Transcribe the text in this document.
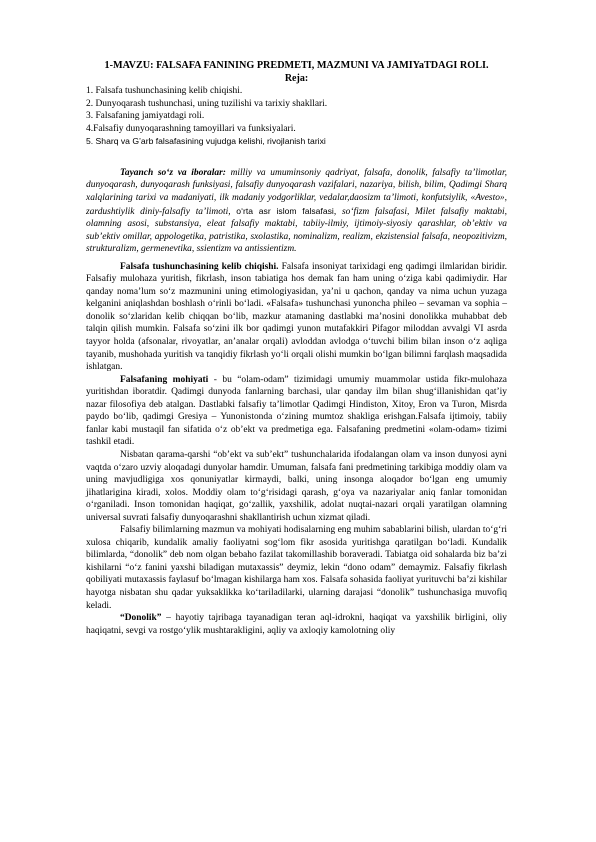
1-MAVZU: FALSAFA FANINING PREDMETI, MAZMUNI VA JAMIYaTDAGI ROLI.
Reja:
1. Falsafa tushunchasining kelib chiqishi.
2. Dunyoqarash tushunchasi, uning tuzilishi va tarixiy shakllari.
3. Falsafaning jamiyatdagi roli.
4.Falsafiy dunyoqarashning tamoyillari va funksiyalari.
5. Sharq va G’arb falsafasining vujudga kelishi, rivojlanish tarixi

Tayanch so‘z va iboralar: milliy va umuminsoniy qadriyat, falsafa, donolik, falsafiy ta’limotlar, dunyoqarash, dunyoqarash funksiyasi, falsafiy dunyoqarash vazifalari, nazariya, bilish, bilim, Qadimgi Sharq xalqlarining tarixi va madaniyati, ilk madaniy yodgorliklar, vedalar,daosizm ta’limoti, konfutsiylik, «Avesto», zardushtiylik diniy-falsafiy ta’limoti, o‘rta asr islom falsafasi, so‘fizm falsafasi, Milet falsafiy maktabi, olamning asosi, substansiya, eleat falsafiy maktabi, tabiiy-ilmiy, ijtimoiy-siyosiy qarashlar, ob’ektiv va sub’ektiv omillar, appologetika, patristika, sxolastika, nominalizm, realizm, ekzistensial falsafa, neopozitivizm, strukturalizm, germenevtika, ssientizm va antissientizm.

Falsafa tushunchasining kelib chiqishi. Falsafa insoniyat tarixidagi eng qadimgi ilmlaridan biridir. Falsafiy mulohaza yuritish, fikrlash, inson tabiatiga hos demak fan ham uning o‘ziga kabi qadimiydir. Har qanday noma’lum so‘z mazmunini uning etimologiyasidan, ya’ni u qachon, qanday va nima uchun yuzaga kelganini aniqlashdan boshlash o‘rinli bo‘ladi. «Falsafa» tushunchasi yunoncha phileo – sevaman va sophia – donolik so‘zlaridan kelib chiqqan bo‘lib, mazkur atamaning dastlabki ma’nosini donolikka muhabbat deb talqin qilish mumkin. Falsafa so‘zini ilk bor qadimgi yunon mutafakkiri Pifagor miloddan avvalgi VI asrda tayyor holda (afsonalar, rivoyatlar, an’analar orqali) avloddan avlodga o‘tuvchi bilim bilan inson o‘z aqliga tayanib, mushohada yuritish va tanqidiy fikrlash yo‘li orqali olishi mumkin bo‘lgan bilimni farqlash maqsadida ishlatgan.

Falsafaning mohiyati - bu “olam-odam” tizimidagi umumiy muammolar ustida fikr-mulohaza yuritishdan iboratdir. Qadimgi dunyoda fanlarning barchasi, ular qanday ilm bilan shug‘illanishidan qat’iy nazar filosofiya deb atalgan. Dastlabki falsafiy ta’limotlar Qadimgi Hindiston, Xitoy, Eron va Turon, Misrda paydo bo‘lib, qadimgi Gresiya – Yunonistonda o‘zining mumtoz shakliga erishgan.Falsafa ijtimoiy, tabiiy fanlar kabi mustaqil fan sifatida o‘z ob’ekt va predmetiga ega. Falsafaning predmetini «olam-odam» tizimi tashkil etadi.

Nisbatan qarama-qarshi “ob’ekt va sub’ekt” tushunchalarida ifodalangan olam va inson dunyosi ayni vaqtda o‘zaro uzviy aloqadagi dunyolar hamdir. Umuman, falsafa fani predmetining tarkibiga moddiy olam va uning mavjudligiga xos qonuniyatlar kirmaydi, balki, uning insonga aloqador bo‘lgan eng umumiy jihatlarigina kiradi, xolos. Moddiy olam to‘g‘risidagi qarash, g‘oya va nazariyalar aniq fanlar tomonidan o‘rganiladi. Inson tomonidan haqiqat, go‘zallik, yaxshilik, adolat nuqtai-nazari orqali yaratilgan olamning universal suvrati falsafiy dunyoqarashni shakllantirish uchun xizmat qiladi.

Falsafiy bilimlarning mazmun va mohiyati hodisalarning eng muhim sabablarini bilish, ulardan to‘g‘ri xulosa chiqarib, kundalik amaliy faoliyatni sog‘lom fikr asosida yuritishga qaratilgan bo‘ladi. Kundalik bilimlarda, “donolik” deb nom olgan bebaho fazilat takomillashib boraveradi. Tabiatga oid sohalarda biz ba’zi kishilarni “o‘z fanini yaxshi biladigan mutaxassis” deymiz, lekin “dono odam” demaymiz. Falsafiy fikrlash qobiliyati mutaxassis faylasuf bo‘lmagan kishilarga ham xos. Falsafa sohasida faoliyat yurituvchi ba’zi kishilar hayotga nisbatan shu qadar yuksaklikka ko‘tariladilarki, ularning darajasi “donolik” tushunchasiga muvofiq keladi.

“Donolik” – hayotiy tajribaga tayanadigan teran aql-idrokni, haqiqat va yaxshilik birligini, oliy haqiqatni, sevgi va rostgo‘ylik mushtarakligini, aqliy va axloqiy kamolotning oliy
